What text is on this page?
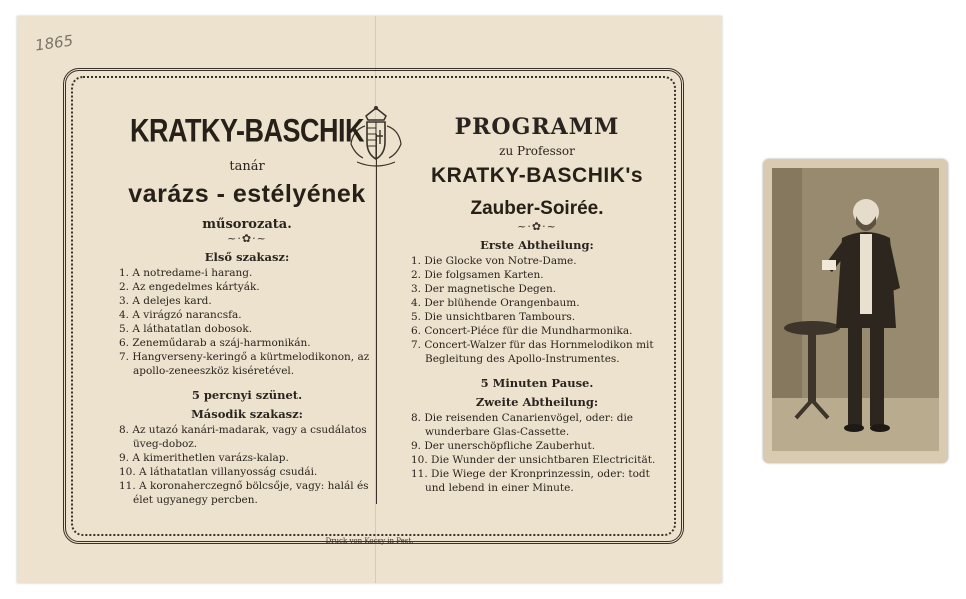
1865
KRATKY-BASCHIK
tanár
varázs - estélyének
műsorozata.
~·✿·~
Első szakasz:
1. A notredame-i harang.
2. Az engedelmes kártyák.
3. A delejes kard.
4. A virágzó narancsfa.
5. A láthatatlan dobosok.
6. Zeneműdarab a száj-harmonikán.
7. Hangverseny-keringő a kürtmelodikonon, az apollo-zeneeszköz kiséretével.
5 percnyi szünet.
Második szakasz:
8. Az utazó kanári-madarak, vagy a csudálatos üveg-doboz.
9. A kimerithetlen varázs-kalap.
10. A láthatatlan villanyosság csudái.
11. A koronaherczegnő bölcsője, vagy: halál és élet ugyanegy percben.
PROGRAMM
zu Professor
KRATKY-BASCHIK's
Zauber-Soirée.
~·✿·~
Erste Abtheilung:
1. Die Glocke von Notre-Dame.
2. Die folgsamen Karten.
3. Der magnetische Degen.
4. Der blühende Orangenbaum.
5. Die unsichtbaren Tambours.
6. Concert-Piéce für die Mundharmonika.
7. Concert-Walzer für das Hornmelodikon mit Begleitung des Apollo-Instrumentes.
5 Minuten Pause.
Zweite Abtheilung:
8. Die reisenden Canarienvögel, oder: die wunderbare Glas-Cassette.
9. Der unerschöpfliche Zauberhut.
10. Die Wunder der unsichtbaren Electricität.
11. Die Wiege der Kronprinzessin, oder: todt und lebend in einer Minute.
Druck von Kocsy in Pest.
